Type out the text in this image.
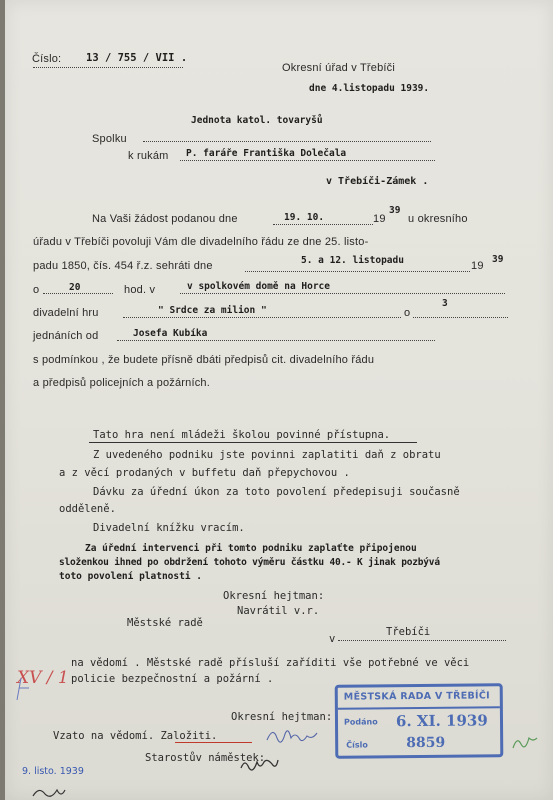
Číslo: 13 / 755 / VII .
Okresní úřad v Třebíči
dne 4.listopadu 1939.
Jednota katol. tovaryšů
Spolku
k rukám P. faráře Františka Dolečala
v Třebíči-Zámek .
Na Vaši žádost podanou dne	19. 10.	19
39
u okresního
úřadu v Třebíči povoluji Vám dle divadelního řádu ze dne 25. listo-
padu 1850, čís. 454 ř.z. sehráti dne	5. a 12. listopadu	19
39
o	20	hod. v	v spolkovém domě na Horce
divadelní hru	" Srdce za milion "
3
o
jednáních od	Josefa Kubíka
s podmínkou , že budete přísně dbáti předpisů cit. divadelního řádu
a předpisů policejních a požárních.
Tato hra není mládeži školou povinné přístupna.
Z uvedeného podniku jste povinni zaplatiti daň z obratu
a z věcí prodaných v buffetu daň přepychovou .
Dávku za úřední úkon za toto povolení předepisuji současně
odděleně.
Divadelní knížku vracím.
Za úřední intervenci při tomto podniku zaplaťte připojenou
složenkou ihned po obdržení tohoto výměru částku 40.- K jinak pozbývá
toto povolení platnosti .
Okresní hejtman:
Navrátil v.r.
Městské radě
v
Třebíči
na vědomí . Městské radě přísluší zaříditi vše potřebné ve věci
policie bezpečnostní a požární .
Okresní hejtman:
Vzato na vědomí. Založiti.
Starostův náměstek:
XV / 1
9. listo. 1939
MĚSTSKÁ RADA V TŘEBÍČI
Podáno 6. XI. 1939
Číslo	8859
